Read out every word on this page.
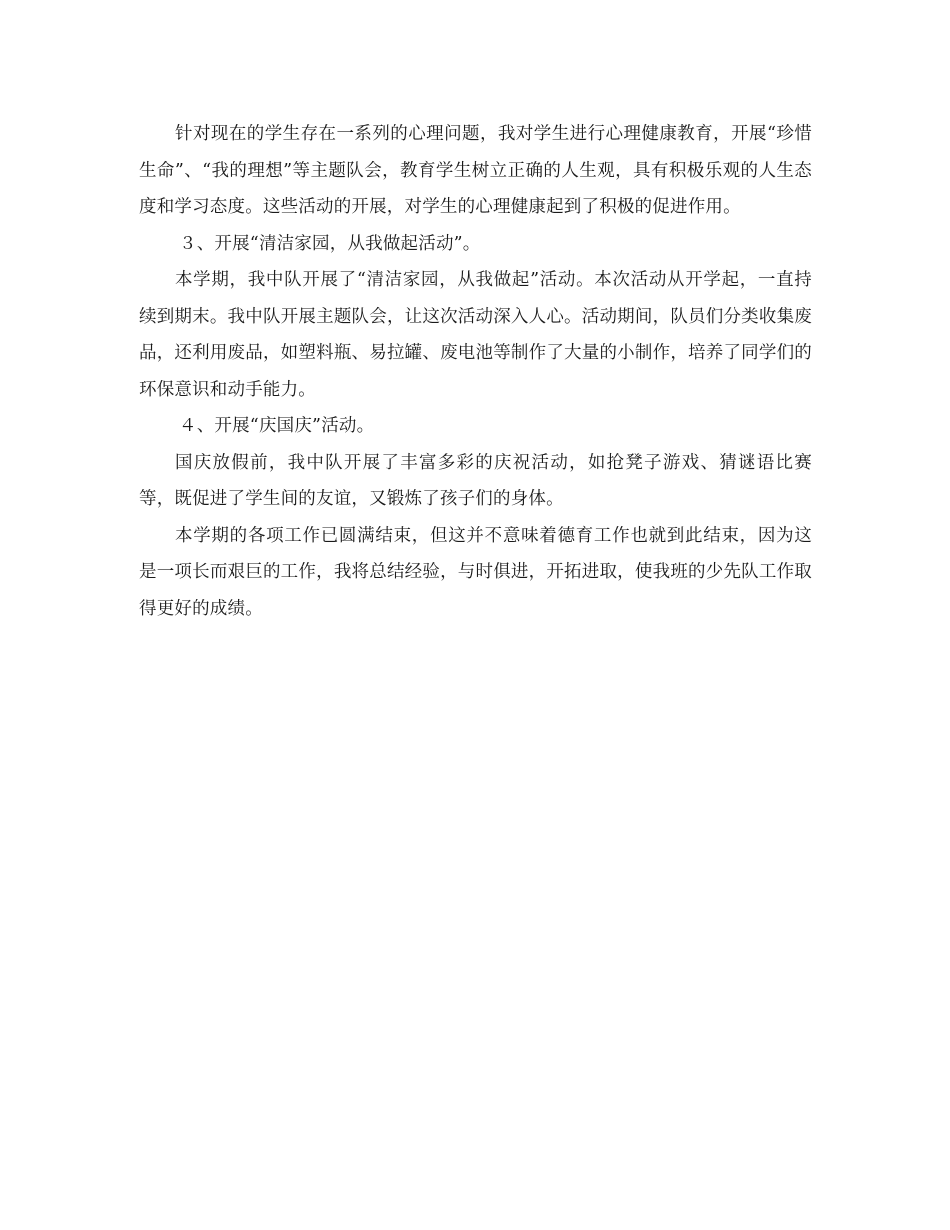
针对现在的学生存在一系列的心理问题，我对学生进行心理健康教育，开展“珍惜生命”、“我的理想”等主题队会，教育学生树立正确的人生观，具有积极乐观的人生态度和学习态度。这些活动的开展，对学生的心理健康起到了积极的促进作用。

３、开展“清洁家园，从我做起活动”。

本学期，我中队开展了“清洁家园，从我做起”活动。本次活动从开学起，一直持续到期末。我中队开展主题队会，让这次活动深入人心。活动期间，队员们分类收集废品，还利用废品，如塑料瓶、易拉罐、废电池等制作了大量的小制作，培养了同学们的环保意识和动手能力。

４、开展“庆国庆”活动。

国庆放假前，我中队开展了丰富多彩的庆祝活动，如抢凳子游戏、猜谜语比赛等，既促进了学生间的友谊，又锻炼了孩子们的身体。

本学期的各项工作已圆满结束，但这并不意味着德育工作也就到此结束，因为这是一项长而艰巨的工作，我将总结经验，与时俱进，开拓进取，使我班的少先队工作取得更好的成绩。
